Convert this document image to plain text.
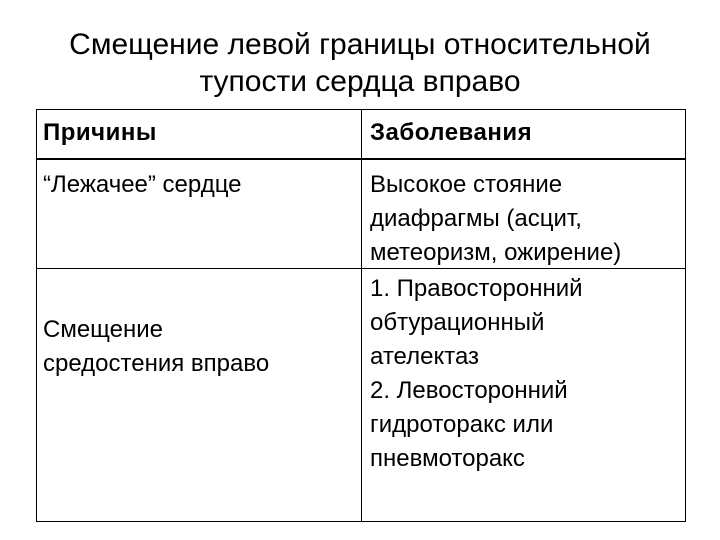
Смещение левой границы относительной
тупости сердца вправо
Причины	Заболевания
“Лежачее” сердце	Высокое стояние
диафрагмы (асцит,
метеоризм, ожирение)
Смещение
средостения вправо
1. Правосторонний
обтурационный
ателектаз
2. Левосторонний
гидроторакс или
пневмоторакс
